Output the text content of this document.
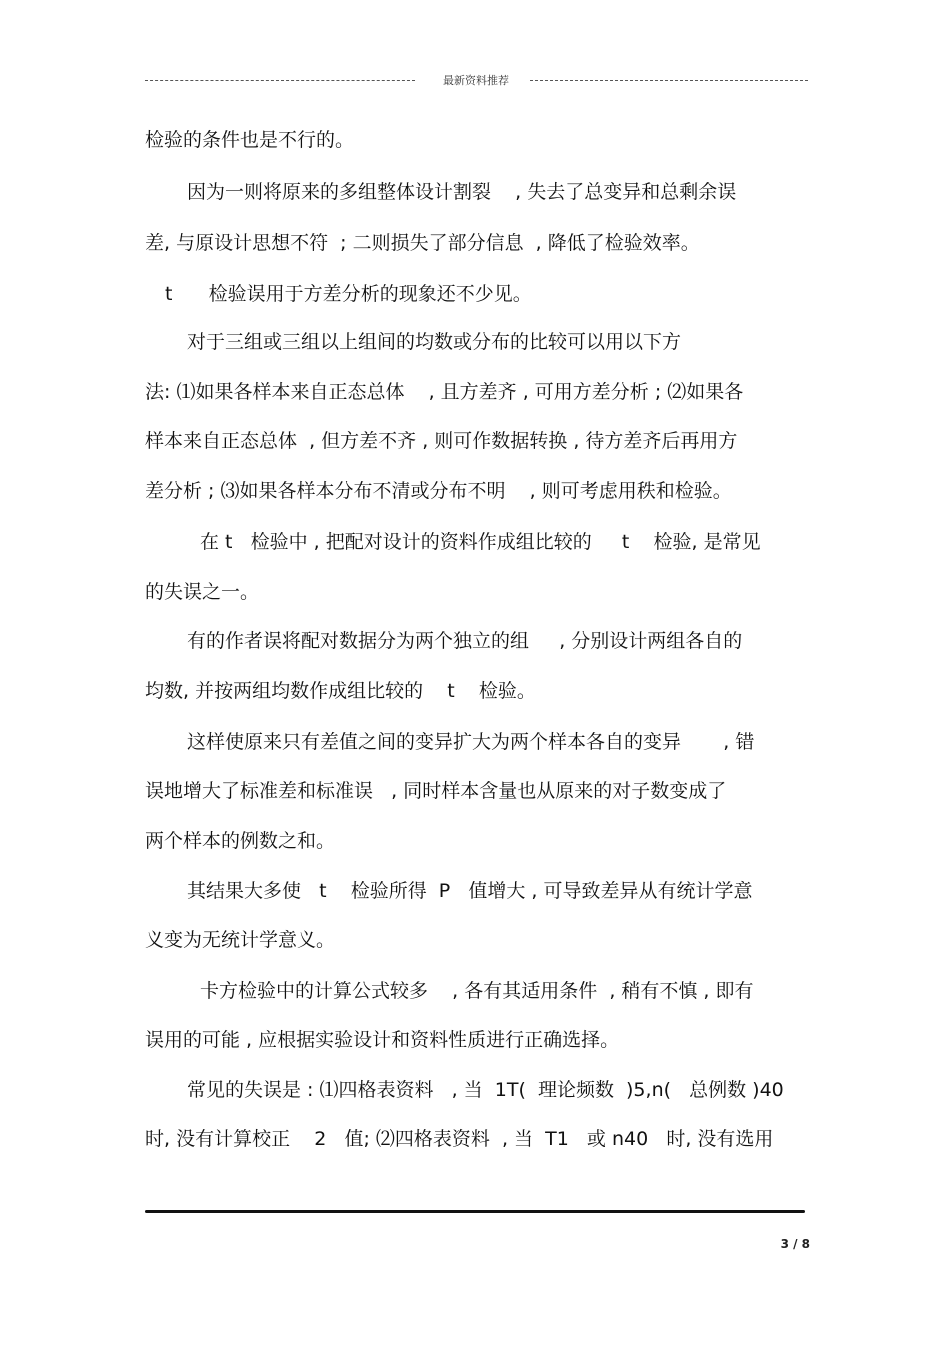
最新资料推荐
检验的条件也是不行的。
因为一则将原来的多组整体设计割裂    , 失去了总变异和总剩余误
差, 与原设计思想不符  ; 二则损失了部分信息  , 降低了检验效率。
t      检验误用于方差分析的现象还不少见。
对于三组或三组以上组间的均数或分布的比较可以用以下方
法: ⑴如果各样本来自正态总体    , 且方差齐 , 可用方差分析 ; ⑵如果各
样本来自正态总体  , 但方差不齐 , 则可作数据转换 , 待方差齐后再用方
差分析 ; ⑶如果各样本分布不清或分布不明    , 则可考虑用秩和检验。
在 t   检验中 , 把配对设计的资料作成组比较的     t    检验, 是常见
的失误之一。
有的作者误将配对数据分为两个独立的组     , 分别设计两组各自的
均数, 并按两组均数作成组比较的    t    检验。
这样使原来只有差值之间的变异扩大为两个样本各自的变异       , 错
误地增大了标准差和标准误   , 同时样本含量也从原来的对子数变成了
两个样本的例数之和。
其结果大多使   t    检验所得  P   值增大 , 可导致差异从有统计学意
义变为无统计学意义。
卡方检验中的计算公式较多    , 各有其适用条件  , 稍有不慎 , 即有
误用的可能 , 应根据实验设计和资料性质进行正确选择。
常见的失误是 : ⑴四格表资料   , 当  1T(  理论频数  )5,n(   总例数 )40
时, 没有计算校正    2   值; ⑵四格表资料  , 当  T1   或 n40   时, 没有选用
3 / 8
